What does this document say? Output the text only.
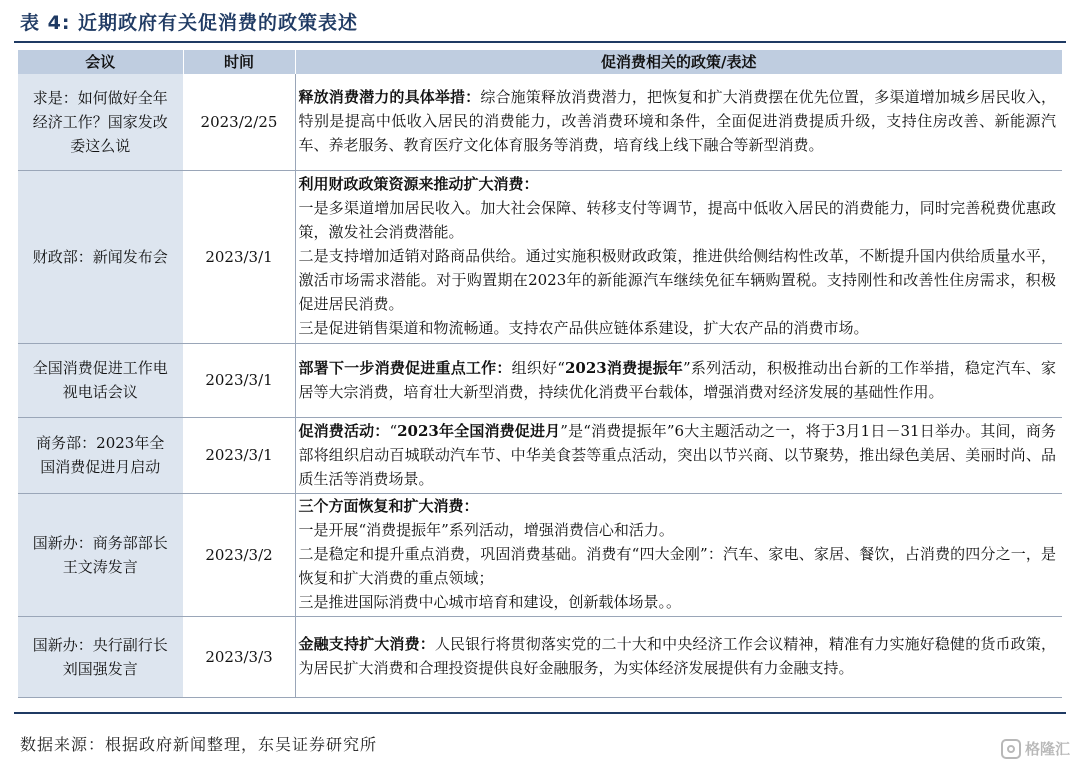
表 4: 近期政府有关促消费的政策表述
会议	时间	促消费相关的政策/表述
求是：如何做好全年经济工作？国家发改委这么说	2023/2/25	释放消费潜力的具体举措：综合施策释放消费潜力，把恢复和扩大消费摆在优先位置，多渠道增加城乡居民收入，特别是提高中低收入居民的消费能力，改善消费环境和条件，全面促进消费提质升级，支持住房改善、新能源汽车、养老服务、教育医疗文化体育服务等消费，培育线上线下融合等新型消费。
财政部：新闻发布会	2023/3/1	利用财政政策资源来推动扩大消费：
一是多渠道增加居民收入。加大社会保障、转移支付等调节，提高中低收入居民的消费能力，同时完善税费优惠政策，激发社会消费潜能。
二是支持增加适销对路商品供给。通过实施积极财政政策，推进供给侧结构性改革，不断提升国内供给质量水平，激活市场需求潜能。对于购置期在2023年的新能源汽车继续免征车辆购置税。支持刚性和改善性住房需求，积极促进居民消费。
三是促进销售渠道和物流畅通。支持农产品供应链体系建设，扩大农产品的消费市场。

全国消费促进工作电视电话会议	2023/3/1	部署下一步消费促进重点工作：组织好“2023消费提振年”系列活动，积极推动出台新的工作举措，稳定汽车、家居等大宗消费，培育壮大新型消费，持续优化消费平台载体，增强消费对经济发展的基础性作用。
商务部：2023年全国消费促进月启动	2023/3/1	促消费活动：“2023年全国消费促进月”是“消费提振年”6大主题活动之一，将于3月1日－31日举办。其间，商务部将组织启动百城联动汽车节、中华美食荟等重点活动，突出以节兴商、以节聚势，推出绿色美居、美丽时尚、品质生活等消费场景。
国新办：商务部部长王文涛发言	2023/3/2	三个方面恢复和扩大消费：
一是开展“消费提振年”系列活动，增强消费信心和活力。
二是稳定和提升重点消费，巩固消费基础。消费有“四大金刚”：汽车、家电、家居、餐饮，占消费的四分之一，是恢复和扩大消费的重点领域；
三是推进国际消费中心城市培育和建设，创新载体场景。。

国新办：央行副行长刘国强发言	2023/3/3	金融支持扩大消费：人民银行将贯彻落实党的二十大和中央经济工作会议精神，精准有力实施好稳健的货币政策，为居民扩大消费和合理投资提供良好金融服务，为实体经济发展提供有力金融支持。
数据来源：根据政府新闻整理，东吴证券研究所	格隆汇
